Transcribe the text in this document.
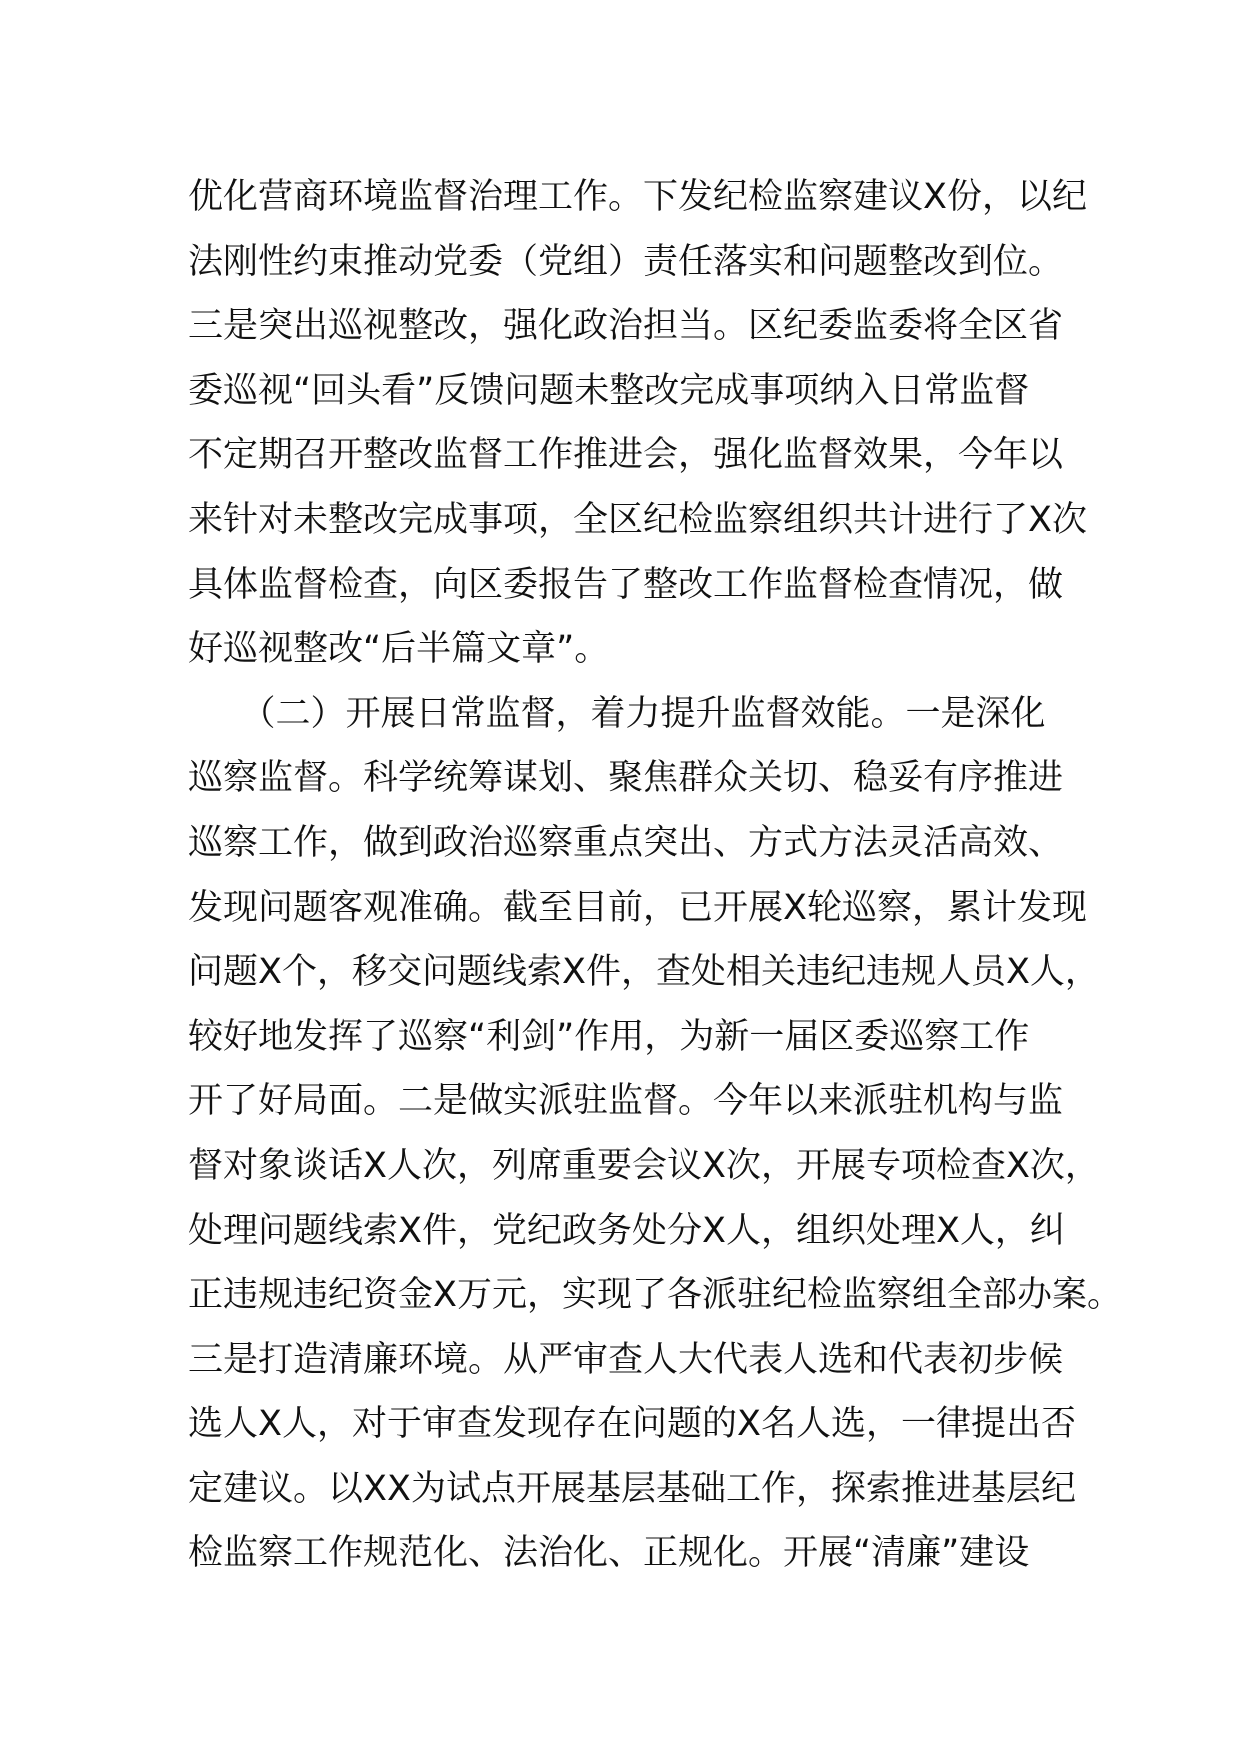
优化营商环境监督治理工作。下发纪检监察建议Ⅹ份，以纪
法刚性约束推动党委（党组）责任落实和问题整改到位。
三是突出巡视整改，强化政治担当。区纪委监委将全区省
委巡视“回头看”反馈问题未整改完成事项纳入日常监督
不定期召开整改监督工作推进会，强化监督效果，今年以
来针对未整改完成事项，全区纪检监察组织共计进行了Ⅹ次
具体监督检查，向区委报告了整改工作监督检查情况，做
好巡视整改“后半篇文章”。
　　（二）开展日常监督，着力提升监督效能。一是深化
巡察监督。科学统筹谋划、聚焦群众关切、稳妥有序推进
巡察工作，做到政治巡察重点突出、方式方法灵活高效、
发现问题客观准确。截至目前，已开展Ⅹ轮巡察，累计发现
问题Ⅹ个，移交问题线索Ⅹ件，查处相关违纪违规人员Ⅹ人，
较好地发挥了巡察“利剑”作用，为新一届区委巡察工作
开了好局面。二是做实派驻监督。今年以来派驻机构与监
督对象谈话Ⅹ人次，列席重要会议Ⅹ次，开展专项检查Ⅹ次，
处理问题线索Ⅹ件，党纪政务处分Ⅹ人，组织处理Ⅹ人，纠
正违规违纪资金Ⅹ万元，实现了各派驻纪检监察组全部办案。
三是打造清廉环境。从严审查人大代表人选和代表初步候
选人Ⅹ人，对于审查发现存在问题的Ⅹ名人选，一律提出否
定建议。以ⅩⅩ为试点开展基层基础工作，探索推进基层纪
检监察工作规范化、法治化、正规化。开展“清廉”建设
